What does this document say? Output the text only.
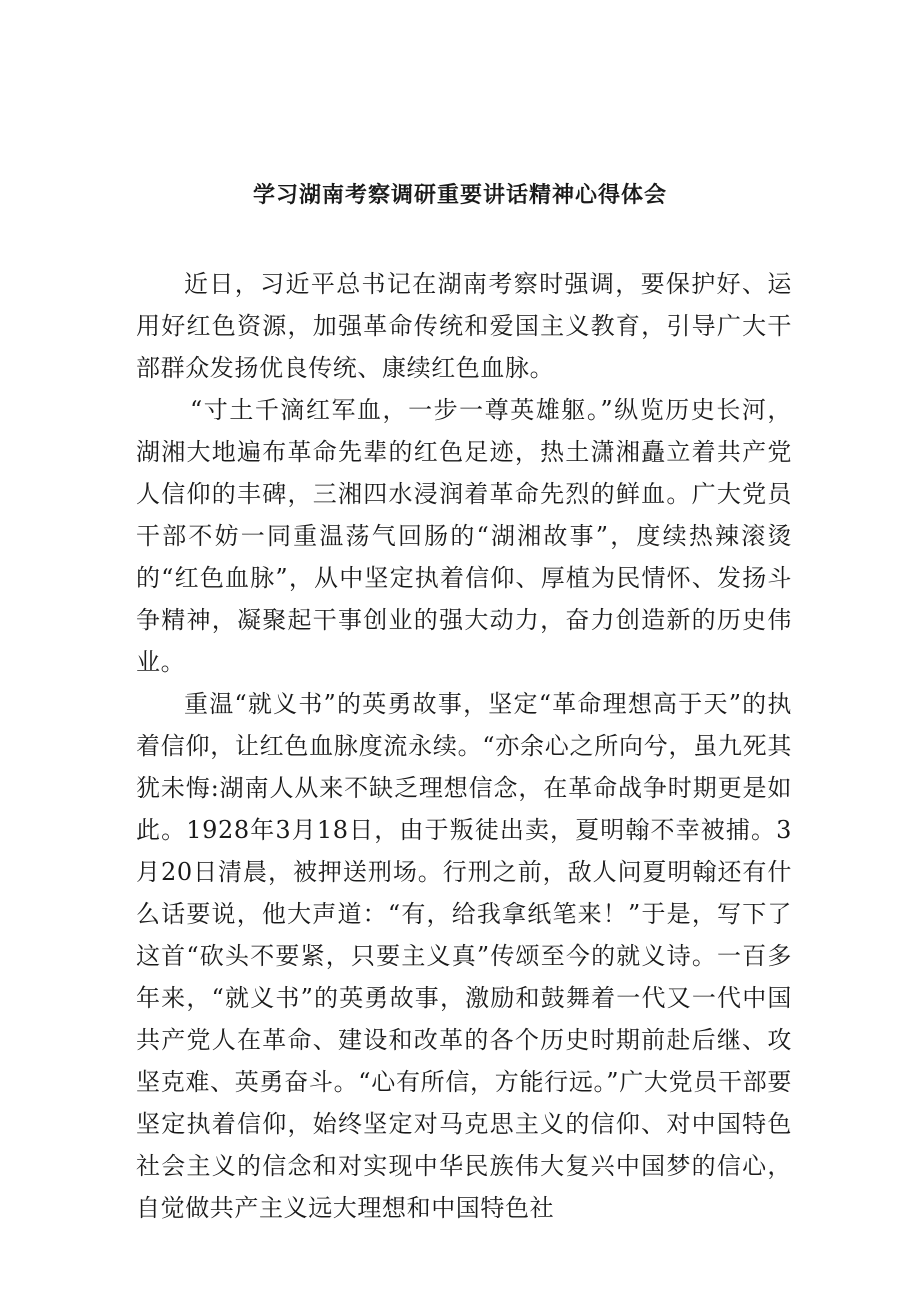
学习湖南考察调研重要讲话精神心得体会

近日，习近平总书记在湖南考察时强调，要保护好、运用好红色资源，加强革命传统和爱国主义教育，引导广大干部群众发扬优良传统、康续红色血脉。

“寸土千滴红军血，一步一尊英雄躯。”纵览历史长河，湖湘大地遍布革命先辈的红色足迹，热土潇湘矗立着共产党人信仰的丰碑，三湘四水浸润着革命先烈的鲜血。广大党员干部不妨一同重温荡气回肠的“湖湘故事”，度续热辣滚烫的“红色血脉”，从中坚定执着信仰、厚植为民情怀、发扬斗争精神，凝聚起干事创业的强大动力，奋力创造新的历史伟业。

重温“就义书”的英勇故事，坚定“革命理想高于天”的执着信仰，让红色血脉度流永续。“亦余心之所向兮，虽九死其犹未悔:湖南人从来不缺乏理想信念，在革命战争时期更是如此。1928年3月18日，由于叛徒出卖，夏明翰不幸被捕。3月20日清晨，被押送刑场。行刑之前，敌人问夏明翰还有什么话要说，他大声道：“有，给我拿纸笔来！”于是，写下了这首“砍头不要紧，只要主义真”传颂至今的就义诗。一百多年来，“就义书”的英勇故事，激励和鼓舞着一代又一代中国共产党人在革命、建设和改革的各个历史时期前赴后继、攻坚克难、英勇奋斗。“心有所信，方能行远。”广大党员干部要坚定执着信仰，始终坚定对马克思主义的信仰、对中国特色社会主义的信念和对实现中华民族伟大复兴中国梦的信心，自觉做共产主义远大理想和中国特色社
